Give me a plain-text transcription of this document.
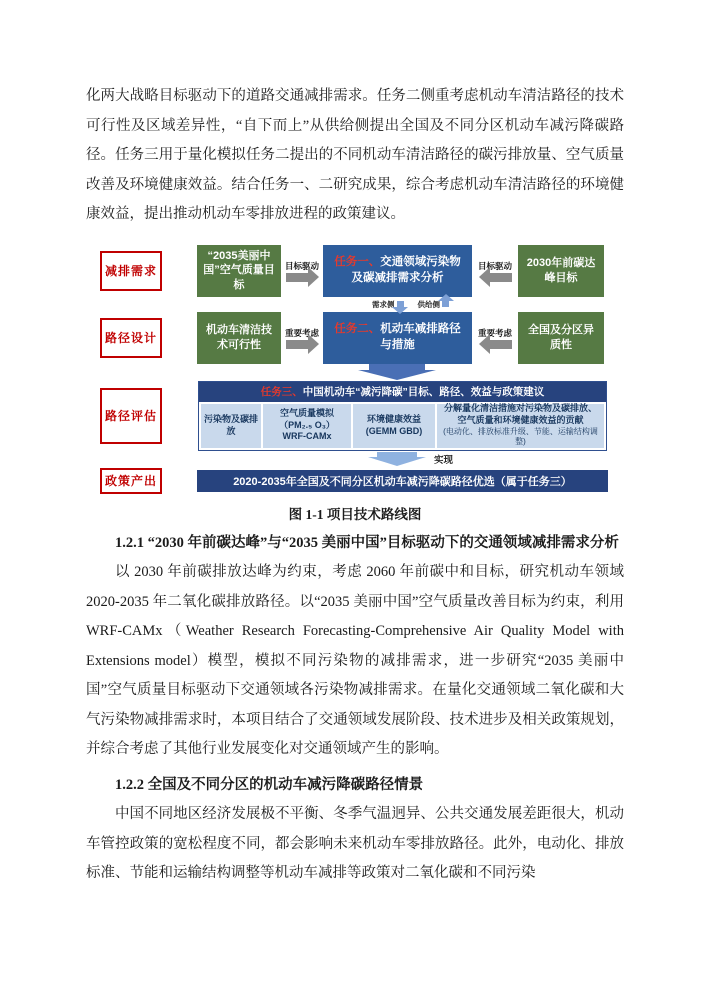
化两大战略目标驱动下的道路交通减排需求。任务二侧重考虑机动车清洁路径的技术可行性及区域差异性，“自下而上”从供给侧提出全国及不同分区机动车减污降碳路径。任务三用于量化模拟任务二提出的不同机动车清洁路径的碳污排放量、空气质量改善及环境健康效益。结合任务一、二研究成果，综合考虑机动车清洁路径的环境健康效益，提出推动机动车零排放进程的政策建议。

减排需求
“2035美丽中国”空气质量目标
目标驱动	任务一、交通领域污染物及碳减排需求分析
目标驱动	2030年前碳达峰目标
需求侧	供给侧
路径设计
机动车清洁技术可行性
重要考虑	任务二、机动车减排路径与措施
重要考虑	全国及分区异质性
路径评估
任务三、中国机动车“减污降碳”目标、路径、效益与政策建议
污染物及碳排放
空气质量模拟
（PM₂.₅ O₃）
WRF-CAMx
环境健康效益
(GEMM GBD)
分解量化清洁措施对污染物及碳排放、
空气质量和环境健康效益的贡献
(电动化、排放标准升级、节能、运输结构调整)
实现
政策产出	2020-2035年全国及不同分区机动车减污降碳路径优选（属于任务三）

图 1-1 项目技术路线图

1.2.1 “2030 年前碳达峰”与“2035 美丽中国”目标驱动下的交通领域减排需求分析

以 2030 年前碳排放达峰为约束，考虑 2060 年前碳中和目标，研究机动车领域 2020-2035 年二氧化碳排放路径。以“2035 美丽中国”空气质量改善目标为约束，利用 WRF-CAMx（Weather Research Forecasting-Comprehensive Air Quality Model with Extensions model）模型，模拟不同污染物的减排需求，进一步研究“2035 美丽中国”空气质量目标驱动下交通领域各污染物减排需求。在量化交通领域二氧化碳和大气污染物减排需求时，本项目结合了交通领域发展阶段、技术进步及相关政策规划，并综合考虑了其他行业发展变化对交通领域产生的影响。

1.2.2 全国及不同分区的机动车减污降碳路径情景

中国不同地区经济发展极不平衡、冬季气温迥异、公共交通发展差距很大，机动车管控政策的宽松程度不同，都会影响未来机动车零排放路径。此外，电动化、排放标准、节能和运输结构调整等机动车减排等政策对二氧化碳和不同污染
